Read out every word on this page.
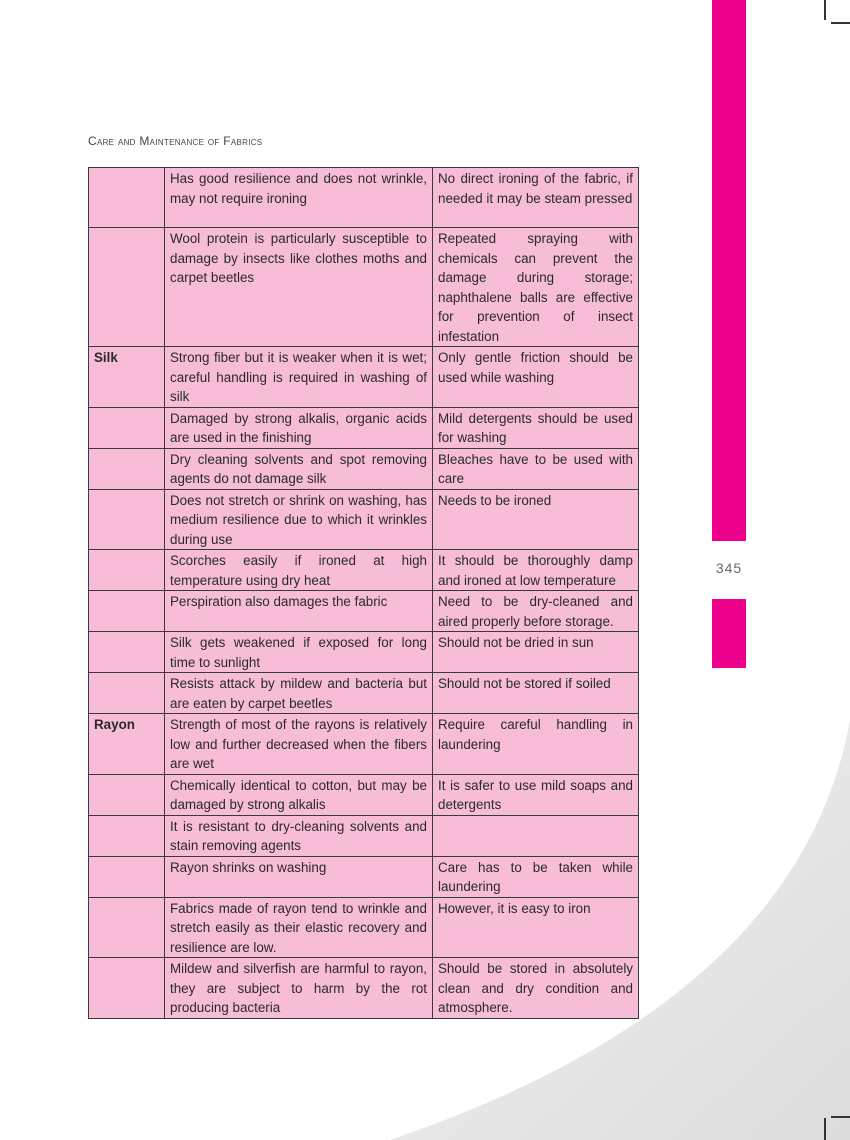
345
Care and Maintenance of Fabrics
	Has good resilience and does not wrinkle, may not require ironing	No direct ironing of the fabric, if needed it may be steam pressed
	Wool protein is particularly susceptible to damage by insects like clothes moths and carpet beetles	Repeated spraying with chemicals can prevent the damage during storage; naphthalene balls are effective for prevention of insect infestation
Silk	Strong fiber but it is weaker when it is wet; careful handling is required in washing of silk	Only gentle friction should be used while washing
	Damaged by strong alkalis, organic acids are used in the finishing	Mild detergents should be used for washing
	Dry cleaning solvents and spot removing agents do not damage silk	Bleaches have to be used with care
	Does not stretch or shrink on washing, has medium resilience due to which it wrinkles during use	Needs to be ironed
	Scorches easily if ironed at high temperature using dry heat	It should be thoroughly damp and ironed at low temperature
	Perspiration also damages the fabric	Need to be dry-cleaned and aired properly before storage.
	Silk gets weakened if exposed for long time to sunlight	Should not be dried in sun
	Resists attack by mildew and bacteria but are eaten by carpet beetles	Should not be stored if soiled
Rayon	Strength of most of the rayons is relatively low and further decreased when the fibers are wet	Require careful handling in laundering
	Chemically identical to cotton, but may be damaged by strong alkalis	It is safer to use mild soaps and detergents
	It is resistant to dry-cleaning solvents and stain removing agents	
	Rayon shrinks on washing	Care has to be taken while laundering
	Fabrics made of rayon tend to wrinkle and stretch easily as their elastic recovery and resilience are low.	However, it is easy to iron
	Mildew and silverfish are harmful to rayon, they are subject to harm by the rot producing bacteria	Should be stored in absolutely clean and dry condition and atmosphere.
